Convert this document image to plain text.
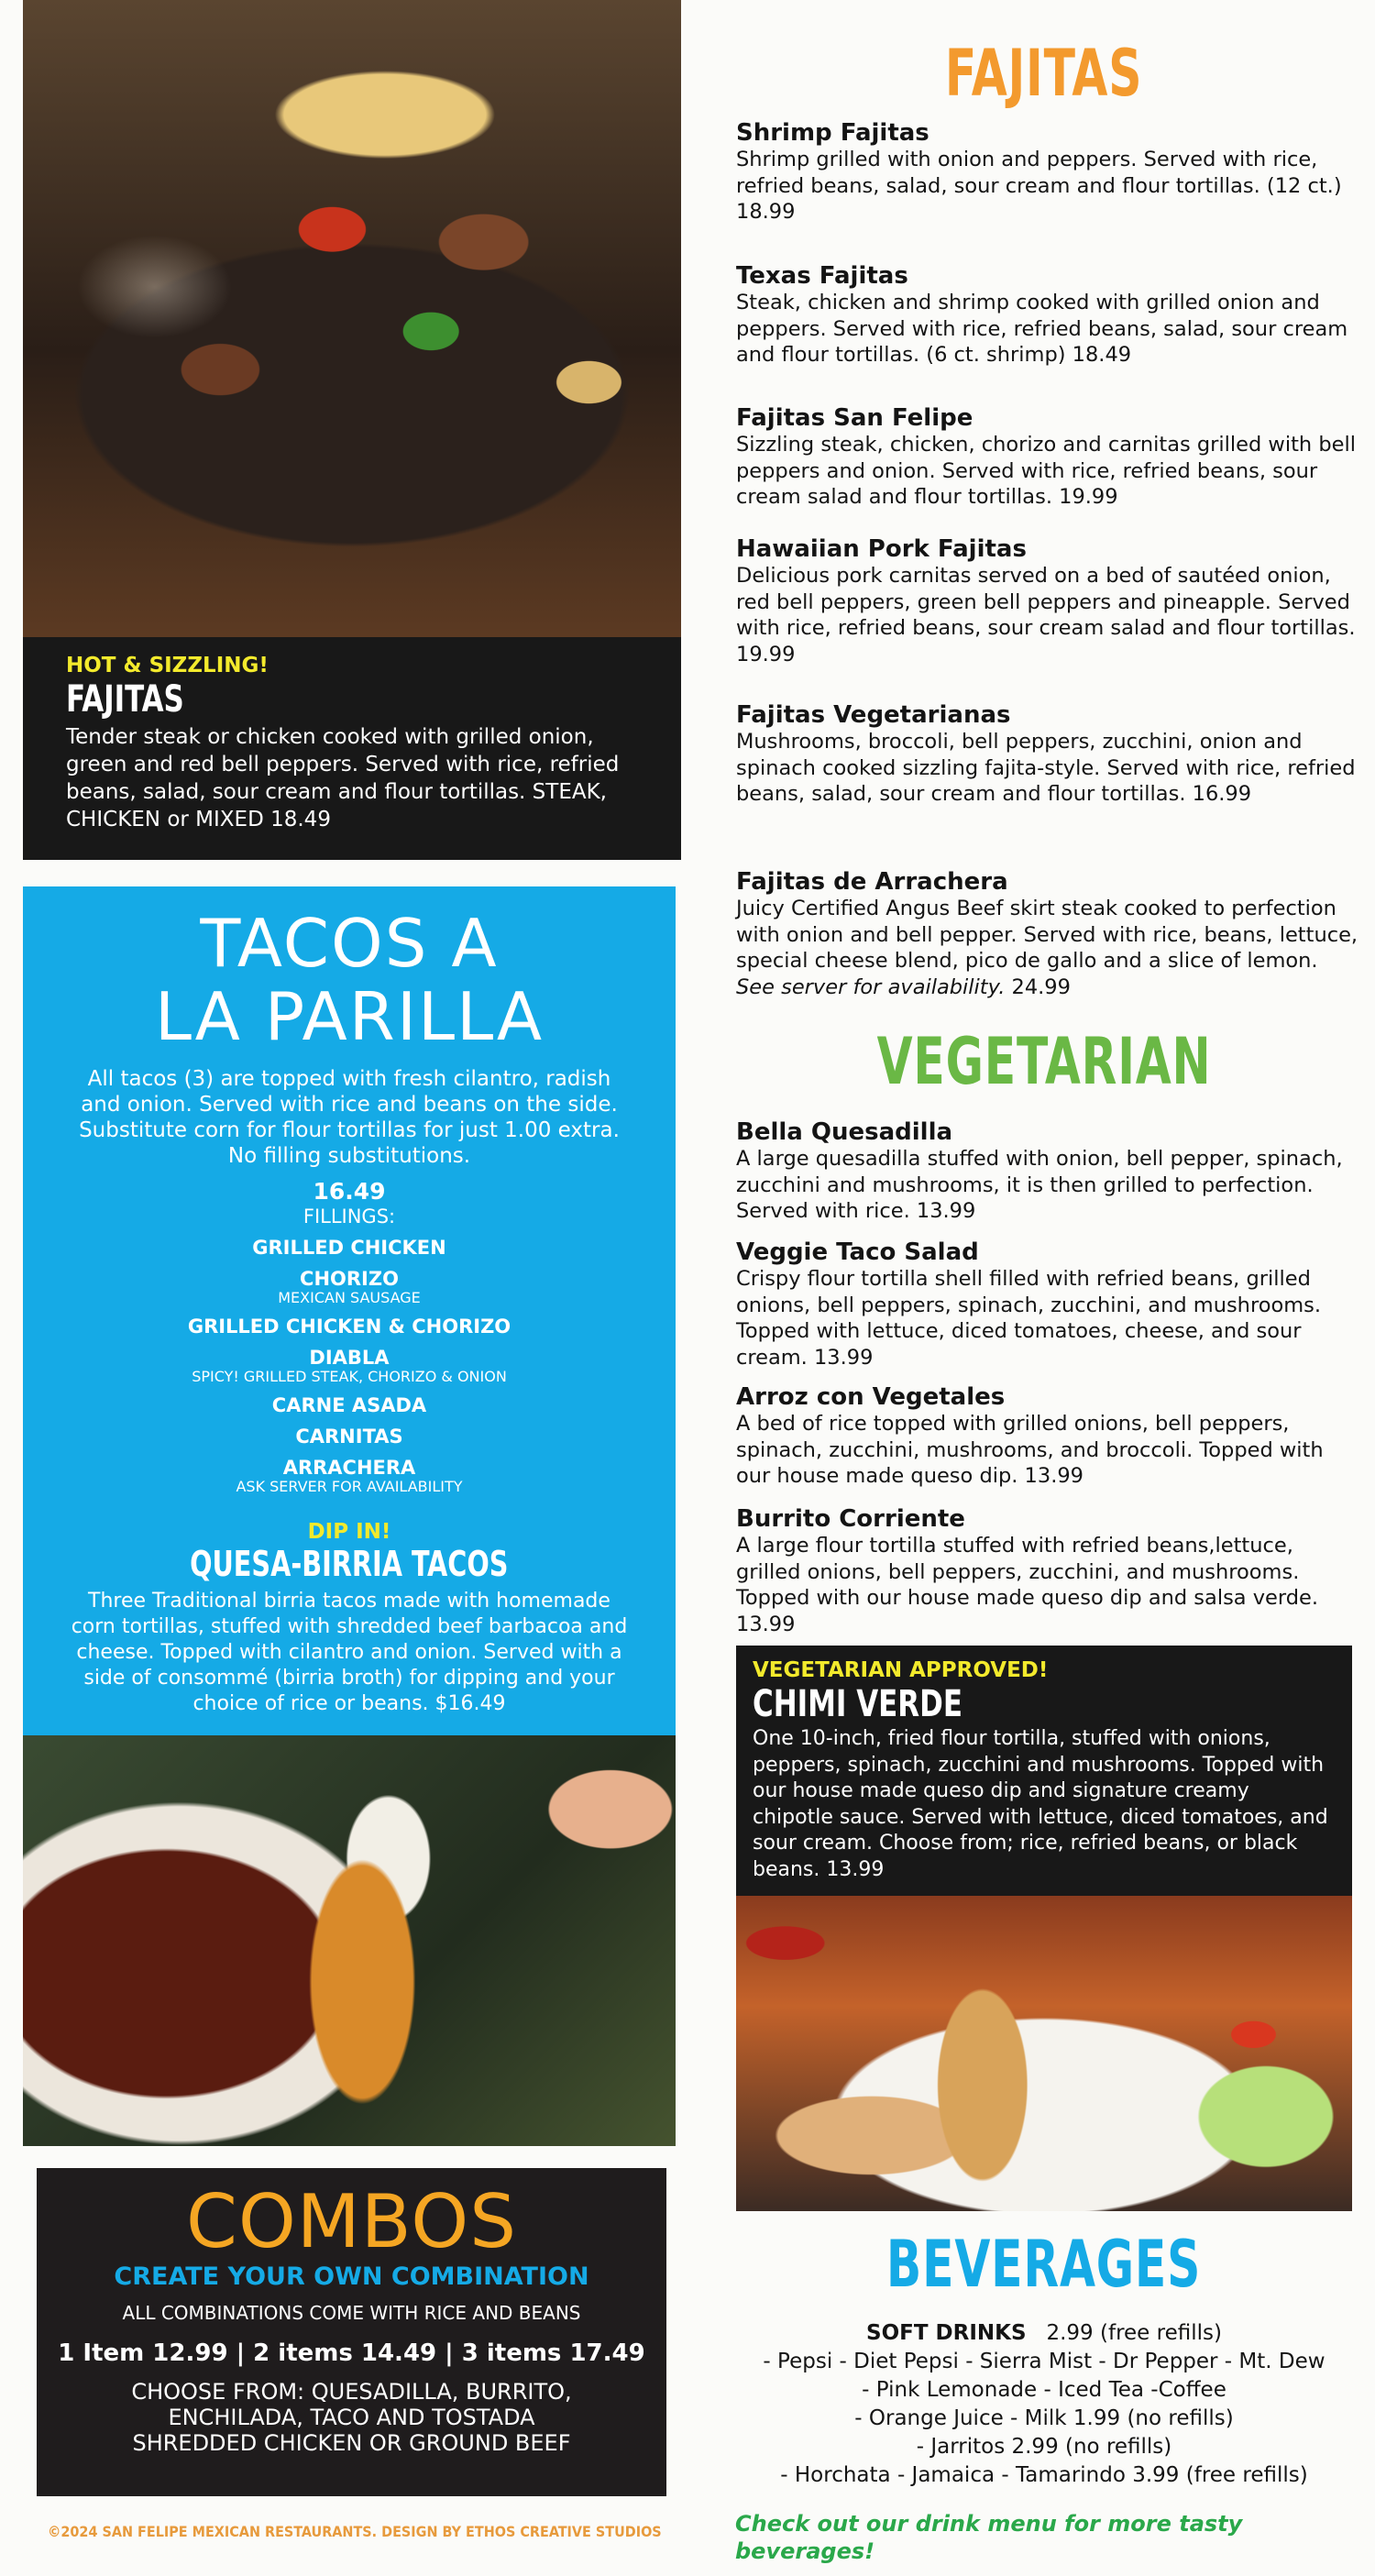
HOT & SIZZLING!
FAJITAS
Tender steak or chicken cooked with grilled onion, green and red bell peppers. Served with rice, refried beans, salad, sour cream and flour tortillas. STEAK, CHICKEN or MIXED 18.49
TACOS A
LA PARILLA
All tacos (3) are topped with fresh cilantro, radish and onion. Served with rice and beans on the side. Substitute corn for flour tortillas for just 1.00 extra. No filling substitutions.
16.49
FILLINGS:
GRILLED CHICKEN
CHORIZO
MEXICAN SAUSAGE
GRILLED CHICKEN & CHORIZO
DIABLA
SPICY! GRILLED STEAK, CHORIZO & ONION
CARNE ASADA
CARNITAS
ARRACHERA
ASK SERVER FOR AVAILABILITY
DIP IN!
QUESA-BIRRIA TACOS
Three Traditional birria tacos made with homemade corn tortillas, stuffed with shredded beef barbacoa and cheese. Topped with cilantro and onion. Served with a side of consommé (birria broth) for dipping and your choice of rice or beans. $16.49
COMBOS
CREATE YOUR OWN COMBINATION
ALL COMBINATIONS COME WITH RICE AND BEANS
1 Item 12.99 | 2 items 14.49 | 3 items 17.49
CHOOSE FROM: QUESADILLA, BURRITO,
ENCHILADA, TACO AND TOSTADA
SHREDDED CHICKEN OR GROUND BEEF
©2024 SAN FELIPE MEXICAN RESTAURANTS. DESIGN BY ETHOS CREATIVE STUDIOS
FAJITAS
Shrimp Fajitas
Shrimp grilled with onion and peppers. Served with rice, refried beans, salad, sour cream and flour tortillas. (12 ct.) 18.99
Texas Fajitas
Steak, chicken and shrimp cooked with grilled onion and peppers. Served with rice, refried beans, salad, sour cream and flour tortillas. (6 ct. shrimp) 18.49
Fajitas San Felipe
Sizzling steak, chicken, chorizo and carnitas grilled with bell peppers and onion. Served with rice, refried beans, sour cream salad and flour tortillas. 19.99
Hawaiian Pork Fajitas
Delicious pork carnitas served on a bed of sautéed onion, red bell peppers, green bell peppers and pineapple. Served with rice, refried beans, sour cream salad and flour tortillas. 19.99
Fajitas Vegetarianas
Mushrooms, broccoli, bell peppers, zucchini, onion and spinach cooked sizzling fajita-style. Served with rice, refried beans, salad, sour cream and flour tortillas. 16.99
Fajitas de Arrachera
Juicy Certified Angus Beef skirt steak cooked to perfection with onion and bell pepper. Served with rice, beans, lettuce, special cheese blend, pico de gallo and a slice of lemon. See server for availability. 24.99
VEGETARIAN
Bella Quesadilla
A large quesadilla stuffed with onion, bell pepper, spinach, zucchini and mushrooms, it is then grilled to perfection. Served with rice. 13.99
Veggie Taco Salad
Crispy flour tortilla shell filled with refried beans, grilled onions, bell peppers, spinach, zucchini, and mushrooms. Topped with lettuce, diced tomatoes, cheese, and sour cream. 13.99
Arroz con Vegetales
A bed of rice topped with grilled onions, bell peppers, spinach, zucchini, mushrooms, and broccoli. Topped with our house made queso dip. 13.99
Burrito Corriente
A large flour tortilla stuffed with refried beans,lettuce, grilled onions, bell peppers, zucchini, and mushrooms. Topped with our house made queso dip and salsa verde. 13.99
VEGETARIAN APPROVED!
CHIMI VERDE
One 10-inch, fried flour tortilla, stuffed with onions, peppers, spinach, zucchini and mushrooms. Topped with our house made queso dip and signature creamy chipotle sauce. Served with lettuce, diced tomatoes, and sour cream. Choose from; rice, refried beans, or black beans. 13.99
BEVERAGES
SOFT DRINKS 2.99 (free refills)
- Pepsi - Diet Pepsi - Sierra Mist - Dr Pepper - Mt. Dew
- Pink Lemonade - Iced Tea -Coffee
- Orange Juice - Milk 1.99 (no refills)
- Jarritos 2.99 (no refills)
- Horchata - Jamaica - Tamarindo 3.99 (free refills)
Check out our drink menu for more tasty beverages!
